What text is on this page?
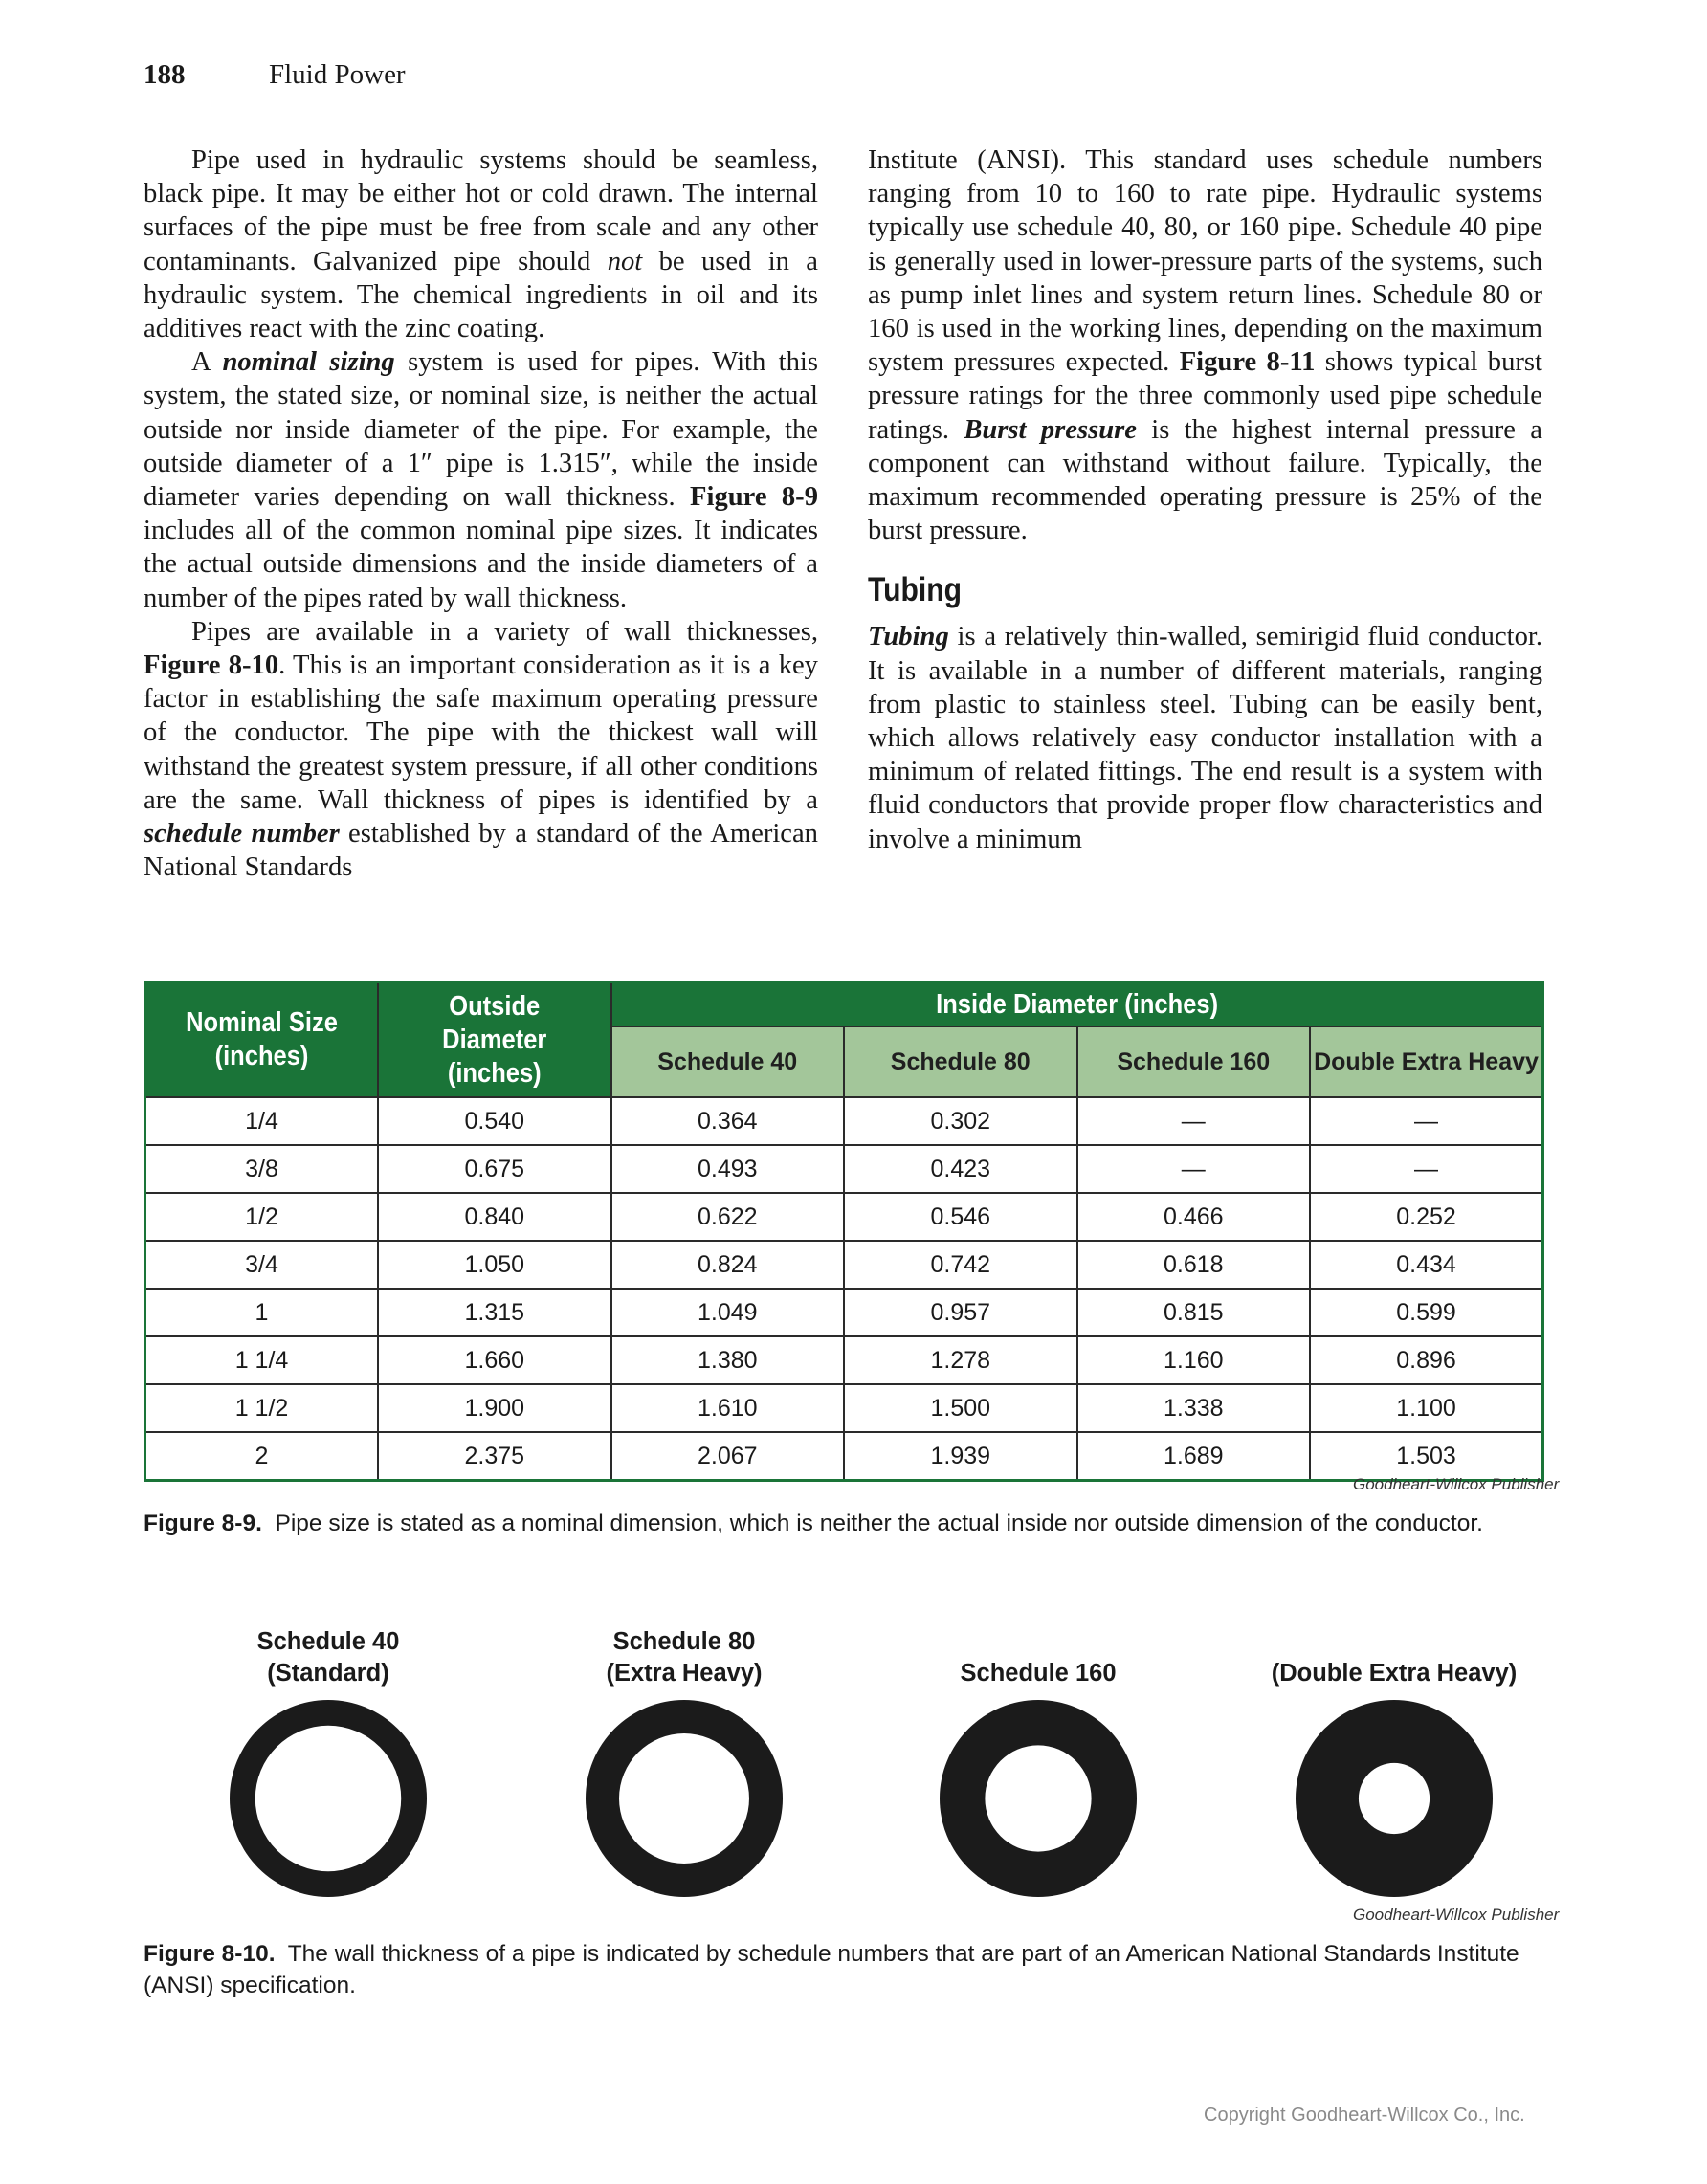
188	Fluid Power

Pipe used in hydraulic systems should be seamless, black pipe. It may be either hot or cold drawn. The internal surfaces of the pipe must be free from scale and any other contaminants. Galvanized pipe should not be used in a hydraulic system. The chemical ingredients in oil and its additives react with the zinc coating.

A nominal sizing system is used for pipes. With this system, the stated size, or nominal size, is neither the actual outside nor inside diameter of the pipe. For example, the outside diameter of a 1″ pipe is 1.315″, while the inside diameter varies depending on wall thickness. Figure 8-9 includes all of the common nominal pipe sizes. It indicates the actual outside dimensions and the inside diameters of a number of the pipes rated by wall thickness.

Pipes are available in a variety of wall thicknesses, Figure 8-10. This is an important consideration as it is a key factor in establishing the safe maximum operating pressure of the conductor. The pipe with the thickest wall will withstand the greatest system pressure, if all other conditions are the same. Wall thickness of pipes is identified by a schedule number established by a standard of the American National Standards

Institute (ANSI). This standard uses schedule numbers ranging from 10 to 160 to rate pipe. Hydraulic systems typically use schedule 40, 80, or 160 pipe. Schedule 40 pipe is generally used in lower-pressure parts of the systems, such as pump inlet lines and system return lines. Schedule 80 or 160 is used in the working lines, depending on the maximum system pressures expected. Figure 8-11 shows typical burst pressure ratings for the three commonly used pipe schedule ratings. Burst pressure is the highest internal pressure a component can withstand without failure. Typically, the maximum recommended operating pressure is 25% of the burst pressure.

Tubing

Tubing is a relatively thin-walled, semirigid fluid conductor. It is available in a number of different materials, ranging from plastic to stainless steel. Tubing can be easily bent, which allows relatively easy conductor installation with a minimum of related fittings. The end result is a system with fluid conductors that provide proper flow characteristics and involve a minimum

Nominal Size (inches)	Outside Diameter (inches)	Inside Diameter (inches)			
		Schedule 40	Schedule 80	Schedule 160	Double Extra Heavy
1/4	0.540	0.364	0.302	—	—
3/8	0.675	0.493	0.423	—	—
1/2	0.840	0.622	0.546	0.466	0.252
3/4	1.050	0.824	0.742	0.618	0.434
1	1.315	1.049	0.957	0.815	0.599
1 1/4	1.660	1.380	1.278	1.160	0.896
1 1/2	1.900	1.610	1.500	1.338	1.100
2	2.375	2.067	1.939	1.689	1.503
Goodheart-Willcox Publisher
Figure 8-9. Pipe size is stated as a nominal dimension, which is neither the actual inside nor outside dimension of the conductor.
Schedule 40
(Standard)
Schedule 80
(Extra Heavy)	Schedule 160	(Double Extra Heavy)
Goodheart-Willcox Publisher
Figure 8-10. The wall thickness of a pipe is indicated by schedule numbers that are part of an American National Standards Institute (ANSI) specification.
Copyright Goodheart-Willcox Co., Inc.
